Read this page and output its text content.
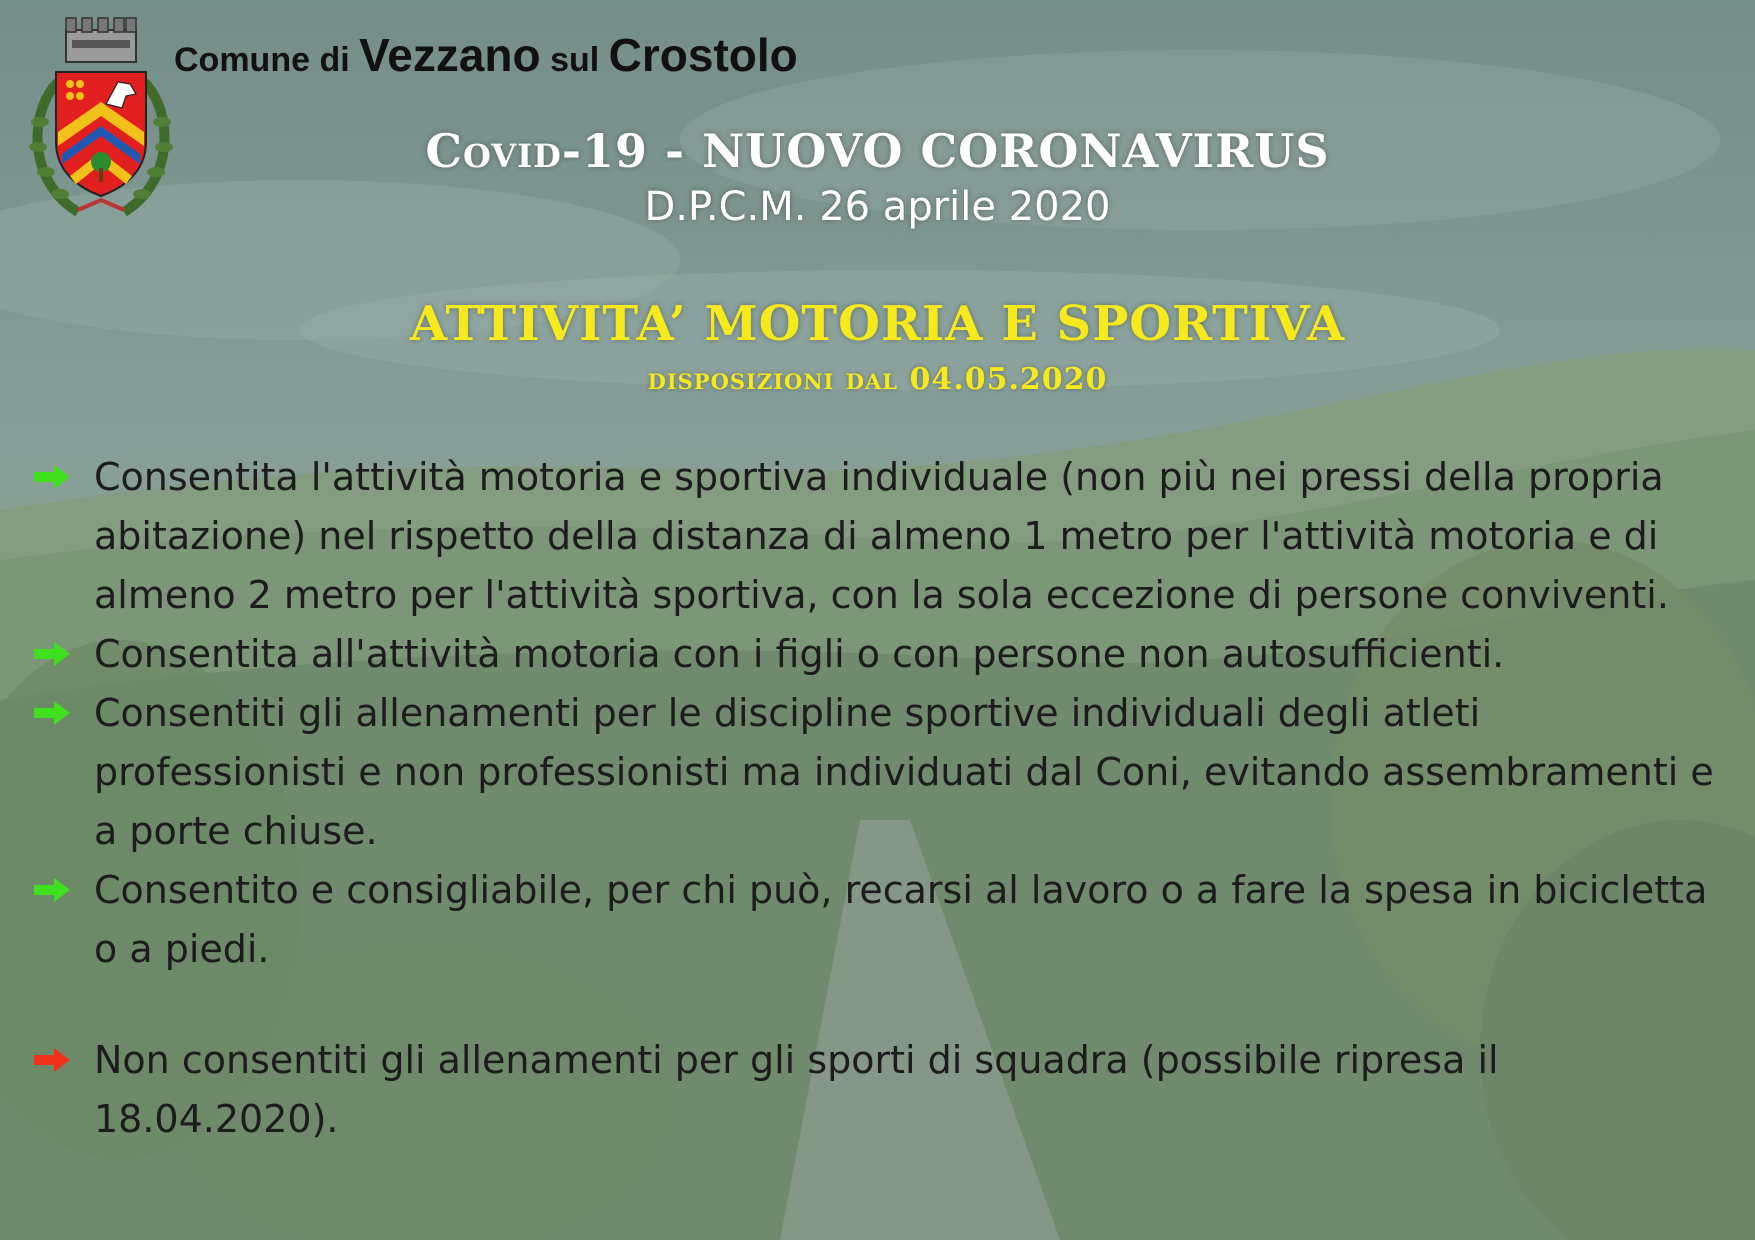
Comune di Vezzano sul Crostolo
Covid-19 - NUOVO CORONAVIRUS
D.P.C.M. 26 aprile 2020
ATTIVITA’ MOTORIA E SPORTIVA
disposizioni dal 04.05.2020
Consentita l'attività motoria e sportiva individuale (non più nei pressi della propria abitazione) nel rispetto della distanza di almeno 1 metro per l'attività motoria e di almeno 2 metro per l'attività sportiva, con la sola eccezione di persone conviventi.
Consentita all'attività motoria con i figli o con persone non autosufficienti.
Consentiti gli allenamenti per le discipline sportive individuali degli atleti professionisti e non professionisti ma individuati dal Coni, evitando assembramenti e a porte chiuse.
Consentito e consigliabile, per chi può, recarsi al lavoro o a fare la spesa in bicicletta o a piedi.
Non consentiti gli allenamenti per gli sporti di squadra (possibile ripresa il 18.04.2020).
